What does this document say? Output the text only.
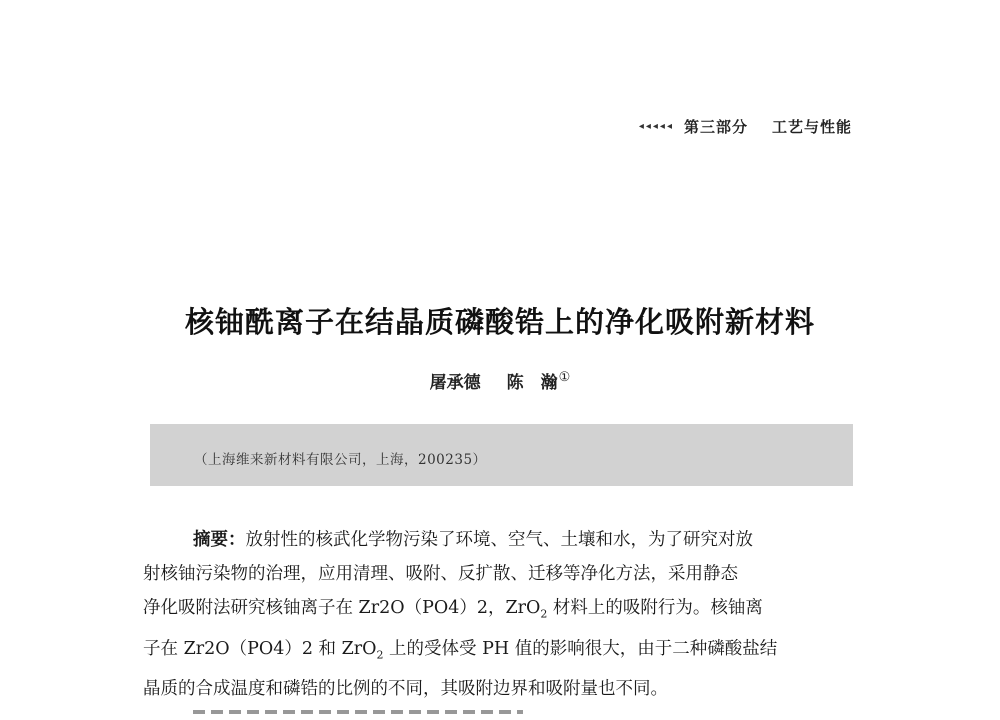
◂◂◂◂◂ 第三部分 工艺与性能
核铀酰离子在结晶质磷酸锆上的净化吸附新材料
屠承德 陈　瀚①
（上海维来新材料有限公司，上海，200235）
摘要：放射性的核武化学物污染了环境、空气、土壤和水，为了研究对放
射核铀污染物的治理，应用清理、吸附、反扩散、迁移等净化方法，采用静态
净化吸附法研究核铀离子在 Zr2O（PO4）2，ZrO$_2$ 材料上的吸附行为。核铀离
子在 Zr2O（PO4）2 和 ZrO$_2$ 上的受体受 PH 值的影响很大，由于二种磷酸盐结
晶质的合成温度和磷锆的比例的不同，其吸附边界和吸附量也不同。
